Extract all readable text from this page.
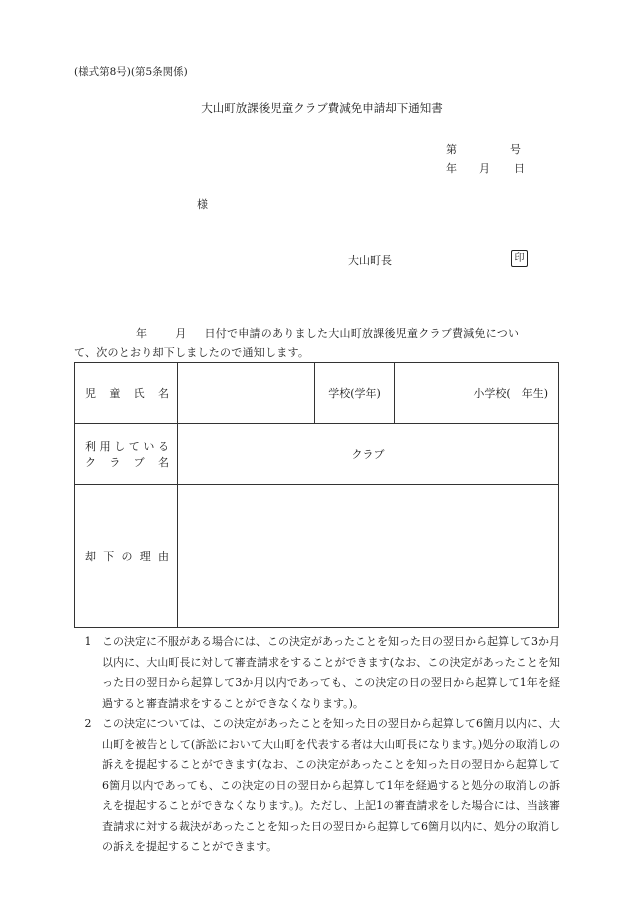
(様式第8号)(第5条関係)
大山町放課後児童クラブ費減免申請却下通知書
第	号
年 月 日
様
大山町長	印
年	月 日付で申請のありました大山町放課後児童クラブ費減免につい
て、次のとおり却下しましたので通知します。
児童氏名		学校(学年)	小学校(　年生)

利用している
クラブ名	クラブ		

却下の理由			

1 この決定に不服がある場合には、この決定があったことを知った日の翌日から起算して3か月以内に、大山町長に対して審査請求をすることができます(なお、この決定があったことを知った日の翌日から起算して3か月以内であっても、この決定の日の翌日から起算して1年を経過すると審査請求をすることができなくなります。)。
2 この決定については、この決定があったことを知った日の翌日から起算して6箇月以内に、大山町を被告として(訴訟において大山町を代表する者は大山町長になります。)処分の取消しの訴えを提起することができます(なお、この決定があったことを知った日の翌日から起算して6箇月以内であっても、この決定の日の翌日から起算して1年を経過すると処分の取消しの訴えを提起することができなくなります。)。ただし、上記1の審査請求をした場合には、当該審査請求に対する裁決があったことを知った日の翌日から起算して6箇月以内に、処分の取消しの訴えを提起することができます。
